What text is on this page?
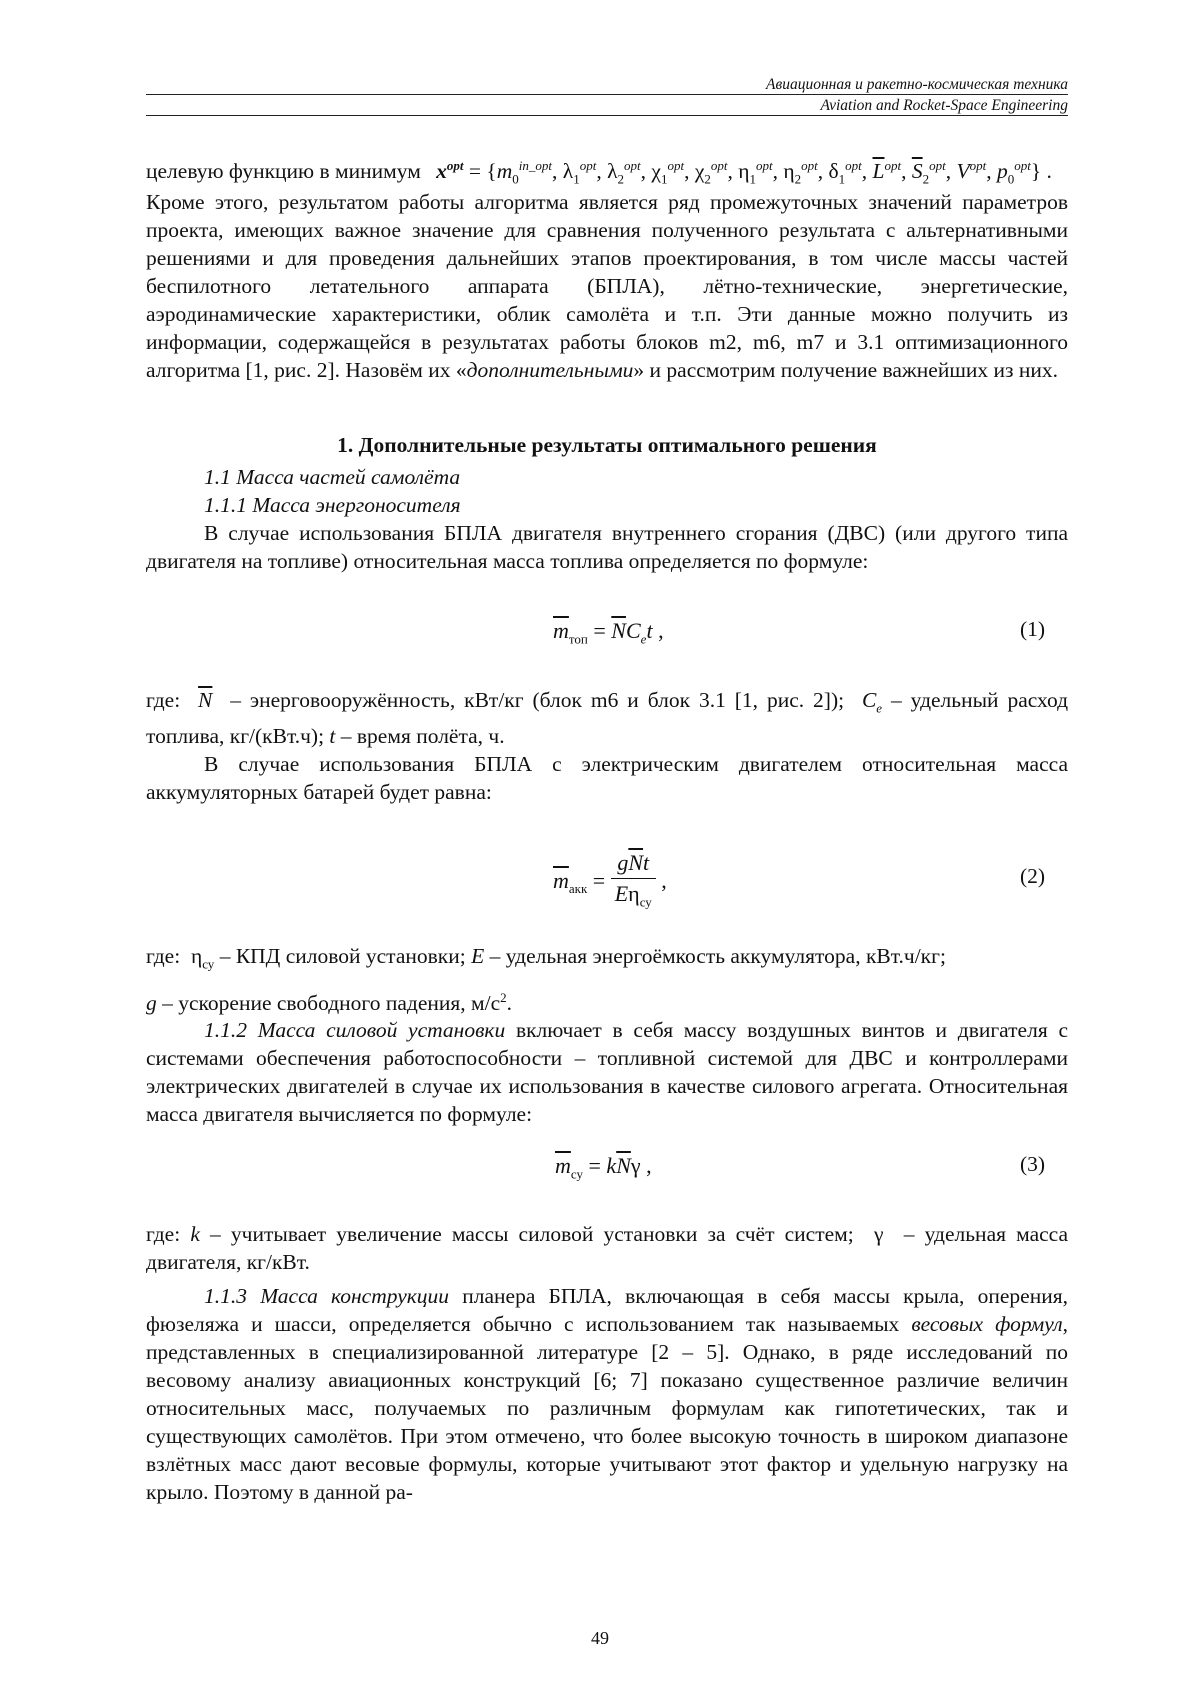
Авиационная и ракетно-космическая техника
Aviation and Rocket-Space Engineering
целевую функцию в минимум $x^{opt} = \{m_0^{in\_opt}$, $\lambda_1^{opt}$, $\lambda_2^{opt}$, $\chi_1^{opt}$, $\chi_2^{opt}$, $\eta_1^{opt}$, $\eta_2^{opt}$, $\delta_1^{opt}$, $\overline{L}^{opt}$, $\overline{S}_2^{opt}$, $V^{opt}$, $p_0^{opt}$} .
Кроме этого, результатом работы алгоритма является ряд промежуточных значений параметров проекта, имеющих важное значение для сравнения полученного результата с альтернативными решениями и для проведения дальнейших этапов проектирования, в том числе массы частей беспилотного летательного аппарата (БПЛА), лётно-технические, энергетические, аэродинамические характеристики, облик самолёта и т.п. Эти данные можно получить из информации, содержащейся в результатах работы блоков m2, m6, m7 и 3.1 оптимизационного алгоритма [1, рис. 2]. Назовём их «дополнительными» и рассмотрим получение важнейших из них.
1. Дополнительные результаты оптимального решения
1.1 Масса частей самолёта
1.1.1 Масса энергоносителя
В случае использования БПЛА двигателя внутреннего сгорания (ДВС) (или другого типа двигателя на топливе) относительная масса топлива определяется по формуле:
$\overline{m}_{топ} = \overline{N}C_et$ ,	(1)
где: $\overline{N}$ – энерговооружённость, кВт/кг (блок m6 и блок 3.1 [1, рис. 2]); $C_e$ – удельный расход топлива, кг/(кВт.ч); t – время полёта, ч.
В случае использования БПЛА с электрическим двигателем относительная масса аккумуляторных батарей будет равна:
$\overline{m}_{акк} = \frac{g\overline{N}t}{E\eta_{су}}$ ,	(2)
где:  $\eta_{су}$ – КПД силовой установки; E – удельная энергоёмкость аккумулятора, кВт.ч/кг;
g – ускорение свободного падения, $м/с^2$.
1.1.2 Масса силовой установки включает в себя массу воздушных винтов и двигателя с системами обеспечения работоспособности – топливной системой для ДВС и контроллерами электрических двигателей в случае их использования в качестве силового агрегата. Относительная масса двигателя вычисляется по формуле:
$\overline{m}_{су} = k\overline{N}\gamma$ ,	(3)
где: k – учитывает увеличение массы силовой установки за счёт систем;  γ  – удельная масса двигателя, кг/кВт.
1.1.3 Масса конструкции планера БПЛА, включающая в себя массы крыла, оперения, фюзеляжа и шасси, определяется обычно с использованием так называемых весовых формул, представленных в специализированной литературе [2 – 5]. Однако, в ряде исследований по весовому анализу авиационных конструкций [6; 7] показано существенное различие величин относительных масс, получаемых по различным формулам как гипотетических, так и существующих самолётов. При этом отмечено, что более высокую точность в широком диапазоне взлётных масс дают весовые формулы, которые учитывают этот фактор и удельную нагрузку на крыло. Поэтому в данной ра-
49
